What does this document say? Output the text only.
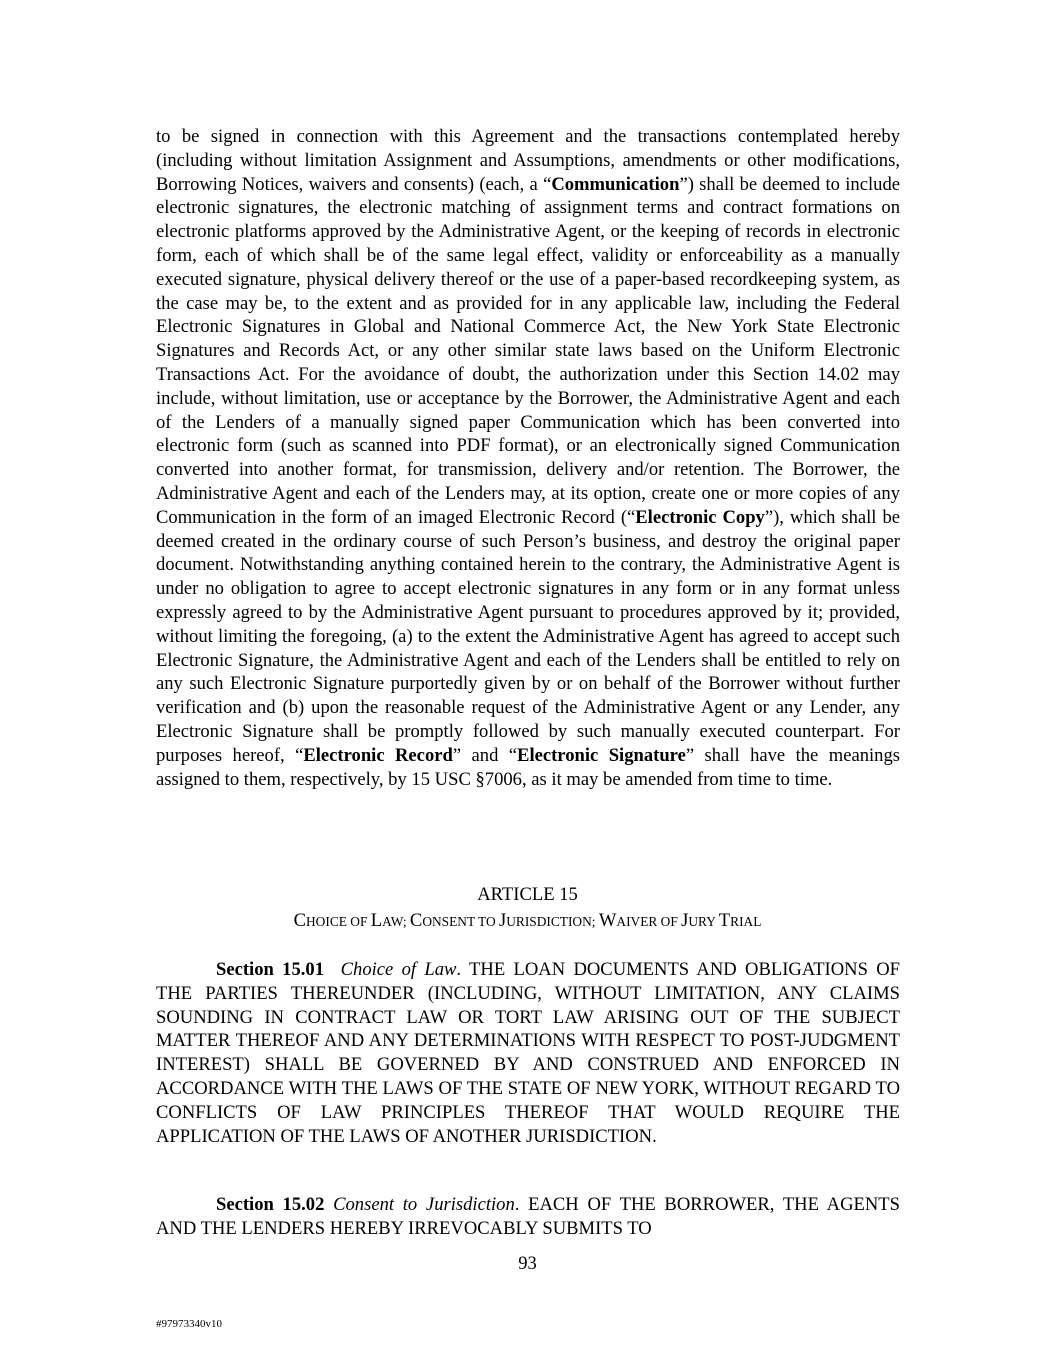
to be signed in connection with this Agreement and the transactions contemplated hereby (including without limitation Assignment and Assumptions, amendments or other modifications, Borrowing Notices, waivers and consents) (each, a “Communication”) shall be deemed to include electronic signatures, the electronic matching of assignment terms and contract formations on electronic platforms approved by the Administrative Agent, or the keeping of records in electronic form, each of which shall be of the same legal effect, validity or enforceability as a manually executed signature, physical delivery thereof or the use of a paper-based recordkeeping system, as the case may be, to the extent and as provided for in any applicable law, including the Federal Electronic Signatures in Global and National Commerce Act, the New York State Electronic Signatures and Records Act, or any other similar state laws based on the Uniform Electronic Transactions Act. For the avoidance of doubt, the authorization under this Section 14.02 may include, without limitation, use or acceptance by the Borrower, the Administrative Agent and each of the Lenders of a manually signed paper Communication which has been converted into electronic form (such as scanned into PDF format), or an electronically signed Communication converted into another format, for transmission, delivery and/or retention. The Borrower, the Administrative Agent and each of the Lenders may, at its option, create one or more copies of any Communication in the form of an imaged Electronic Record (“Electronic Copy”), which shall be deemed created in the ordinary course of such Person’s business, and destroy the original paper document. Notwithstanding anything contained herein to the contrary, the Administrative Agent is under no obligation to agree to accept electronic signatures in any form or in any format unless expressly agreed to by the Administrative Agent pursuant to procedures approved by it; provided, without limiting the foregoing, (a) to the extent the Administrative Agent has agreed to accept such Electronic Signature, the Administrative Agent and each of the Lenders shall be entitled to rely on any such Electronic Signature purportedly given by or on behalf of the Borrower without further verification and (b) upon the reasonable request of the Administrative Agent or any Lender, any Electronic Signature shall be promptly followed by such manually executed counterpart. For purposes hereof, “Electronic Record” and “Electronic Signature” shall have the meanings assigned to them, respectively, by 15 USC §7006, as it may be amended from time to time.

ARTICLE 15

CHOICE OF LAW; CONSENT TO JURISDICTION; WAIVER OF JURY TRIAL

Section 15.01 Choice of Law. THE LOAN DOCUMENTS AND OBLIGATIONS OF THE PARTIES THEREUNDER (INCLUDING, WITHOUT LIMITATION, ANY CLAIMS SOUNDING IN CONTRACT LAW OR TORT LAW ARISING OUT OF THE SUBJECT MATTER THEREOF AND ANY DETERMINATIONS WITH RESPECT TO POST-JUDGMENT INTEREST) SHALL BE GOVERNED BY AND CONSTRUED AND ENFORCED IN ACCORDANCE WITH THE LAWS OF THE STATE OF NEW YORK, WITHOUT REGARD TO CONFLICTS OF LAW PRINCIPLES THEREOF THAT WOULD REQUIRE THE APPLICATION OF THE LAWS OF ANOTHER JURISDICTION.

Section 15.02 Consent to Jurisdiction. EACH OF THE BORROWER, THE AGENTS AND THE LENDERS HEREBY IRREVOCABLY SUBMITS TO

93
#97973340v10
